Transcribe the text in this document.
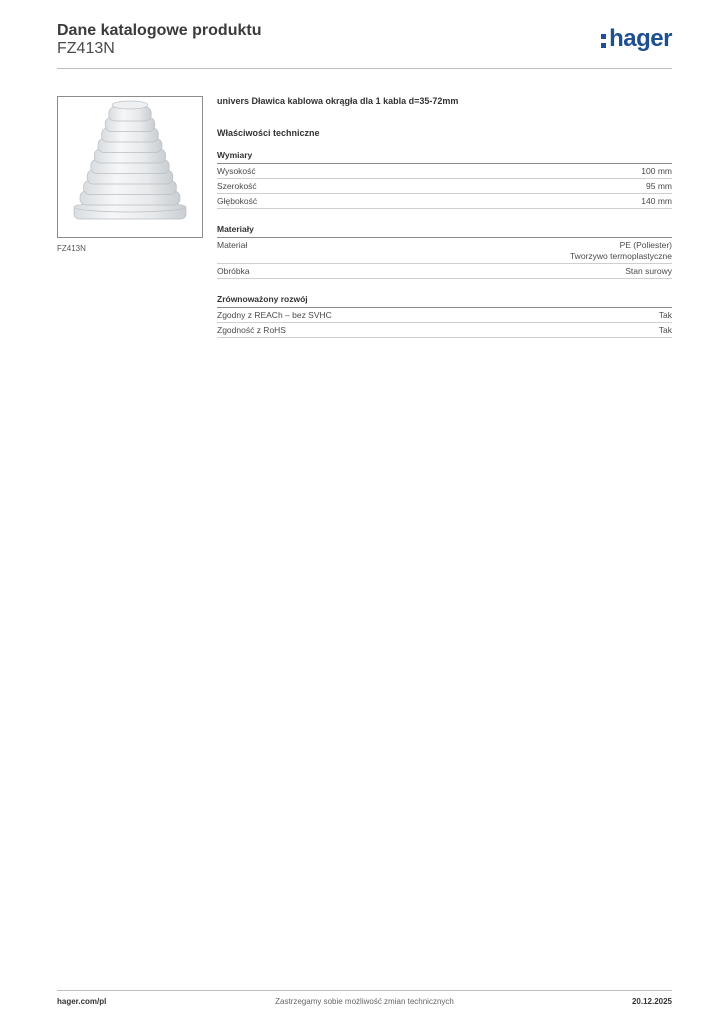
Dane katalogowe produktu
FZ413N	hager
FZ413N
univers Dławica kablowa okrągła dla 1 kabla d=35-72mm
Właściwości techniczne
Wymiary
Wysokość	100 mm
Szerokość	95 mm
Głębokość	140 mm
Materiały
Materiał	PE (Poliester)
Tworzywo termoplastyczne
Obróbka	Stan surowy
Zrównoważony rozwój
Zgodny z REACh – bez SVHC	Tak
Zgodność z RoHS	Tak
hager.com/pl	Zastrzegamy sobie możliwość zmian technicznych	20.12.2025
